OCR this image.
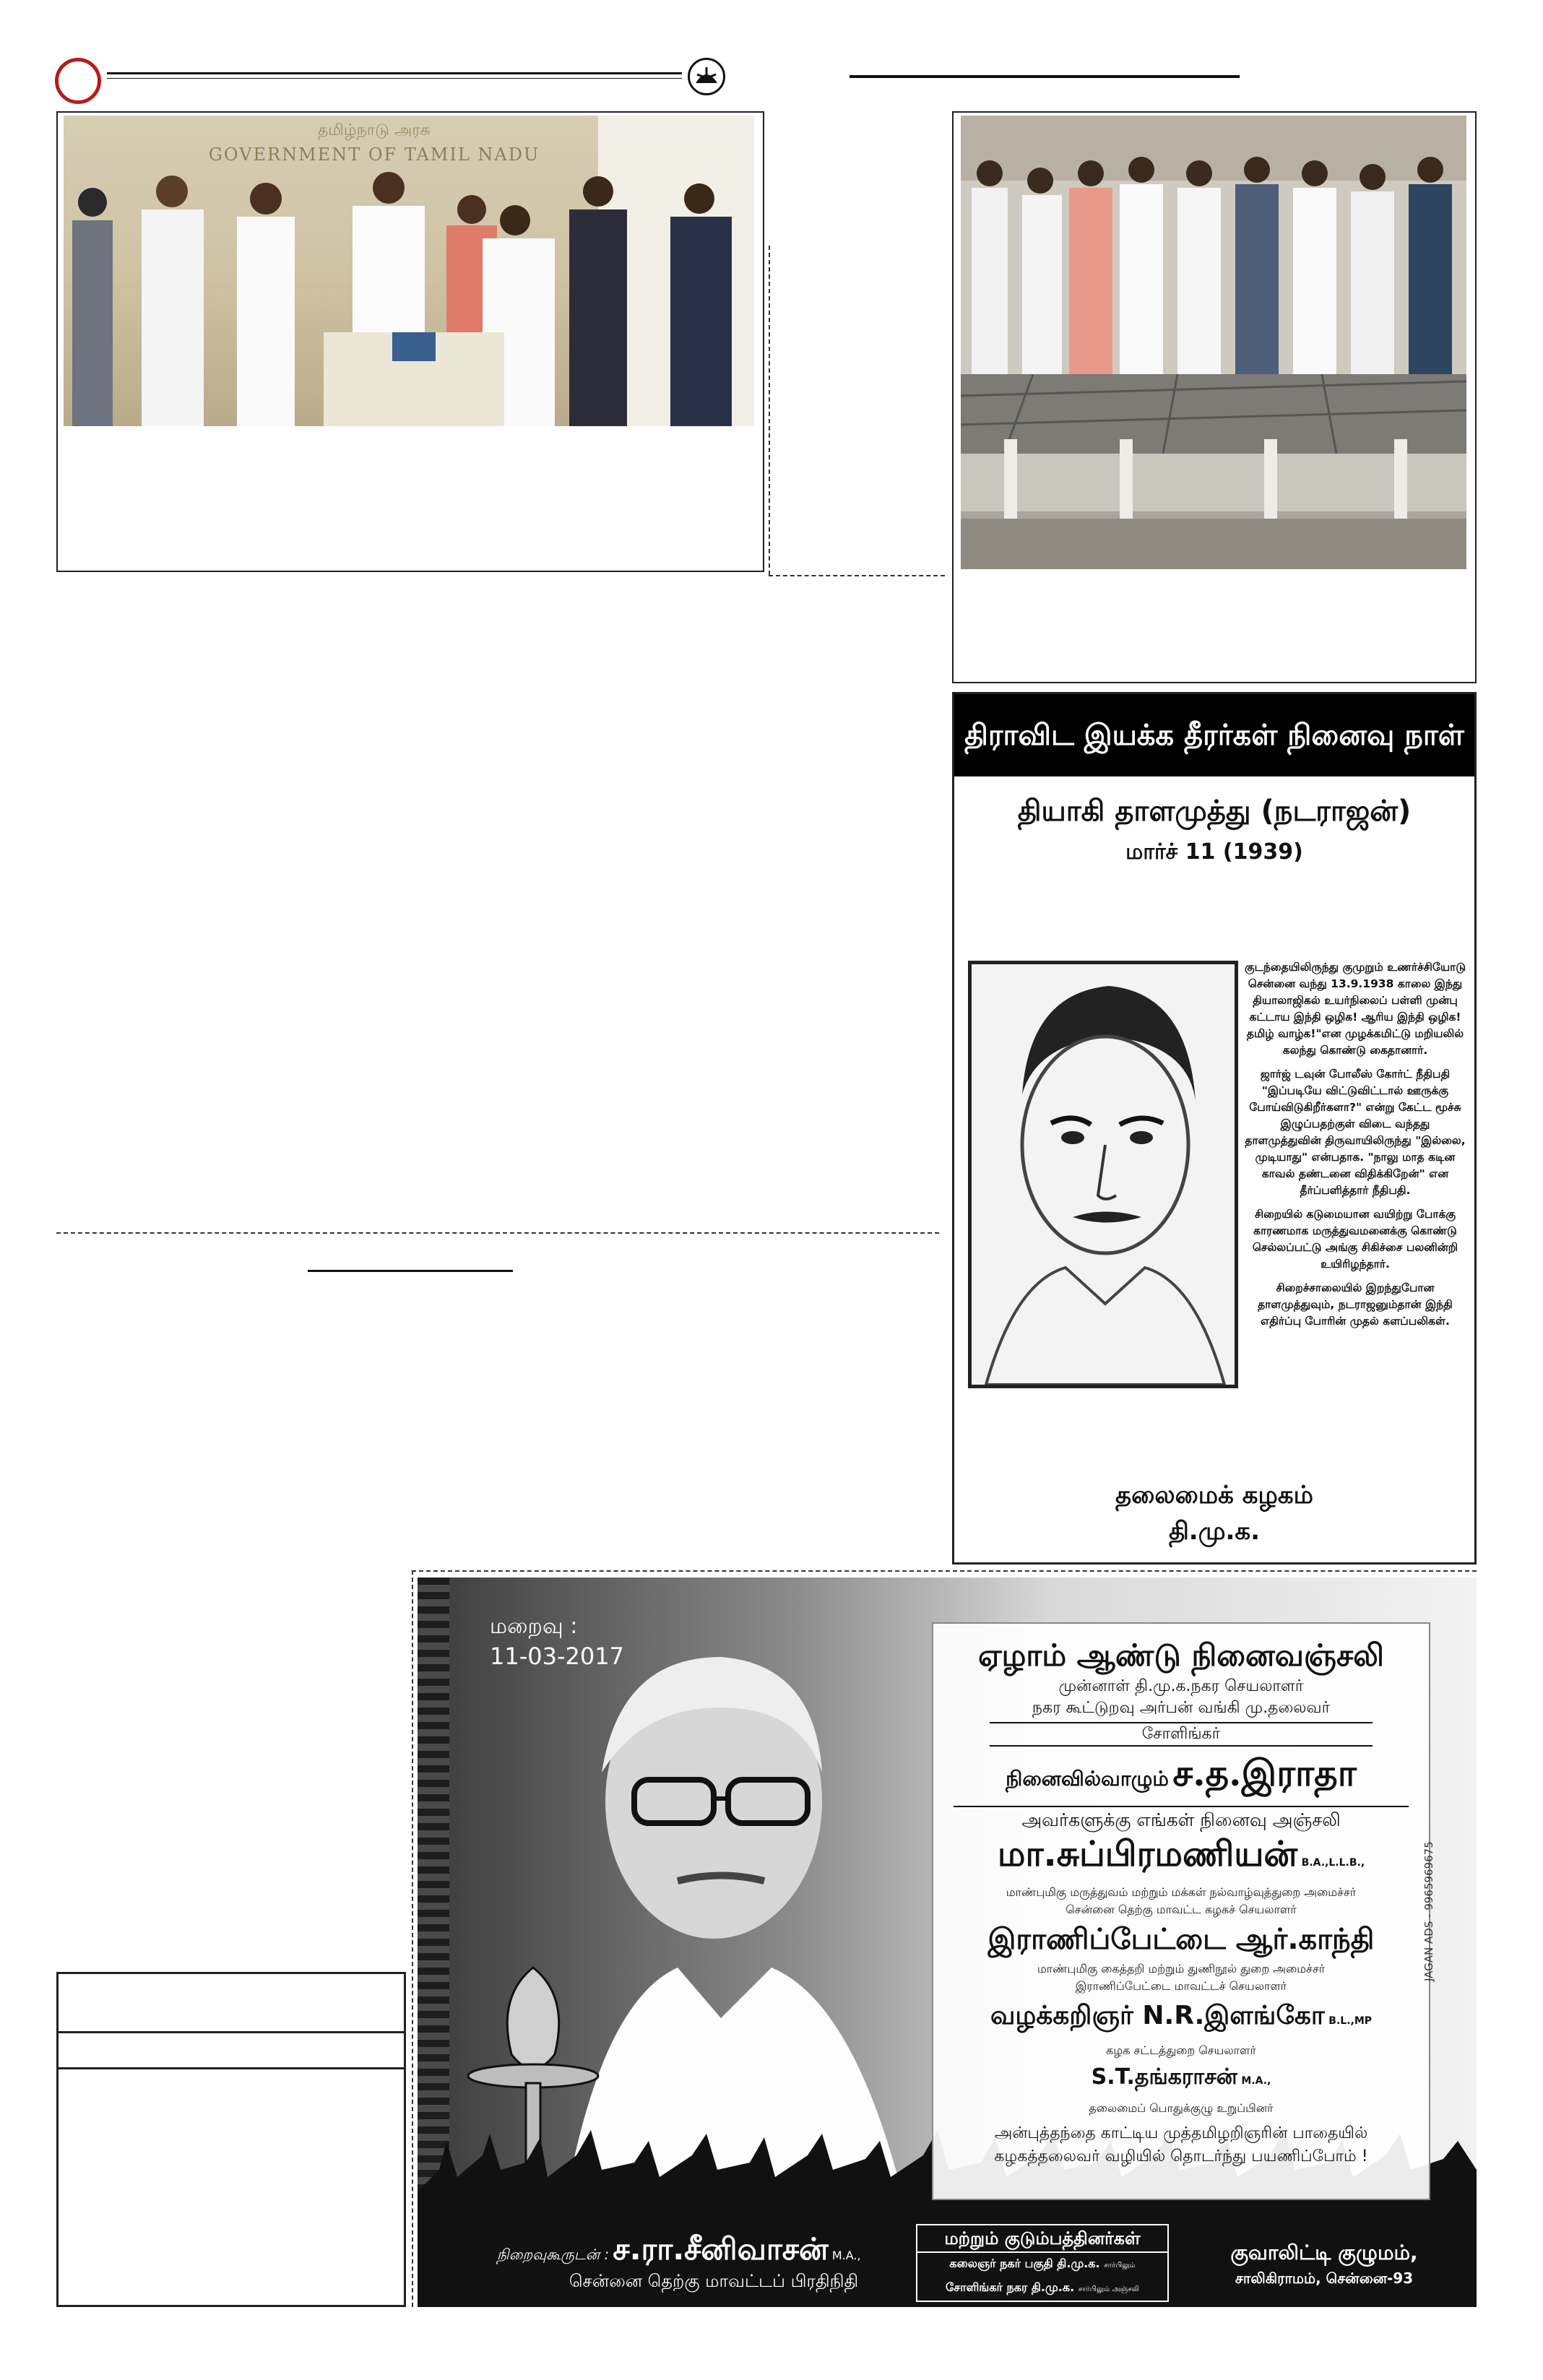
தமிழ்நாடு அரசு
GOVERNMENT OF TAMIL NADU
திராவிட இயக்க தீரர்கள் நினைவு நாள்
தியாகி தாளமுத்து (நடராஜன்)
மார்ச் 11 (1939)

குடந்தையிலிருந்து குமுறும் உணர்ச்சியோடு சென்னை வந்து 13.9.1938 காலை இந்து தியாலாஜிகல் உயர்நிலைப் பள்ளி முன்பு கட்டாய இந்தி ஒழிக! ஆரிய இந்தி ஒழிக! தமிழ் வாழ்க!"என முழக்கமிட்டு மறியலில் கலந்து கொண்டு கைதானார்.

ஜார்ஜ் டவுன் போலீஸ் கோர்ட் நீதிபதி "இப்படியே விட்டுவிட்டால் ஊருக்கு போய்விடுகிறீர்களா?" என்று கேட்ட மூச்சு இழுப்பதற்குள் விடை வந்தது தாளமுத்துவின் திருவாயிலிருந்து "இல்லை, முடியாது" என்பதாக. "நாலு மாத கடின காவல் தண்டனை விதிக்கிறேன்" என தீர்ப்பளித்தார் நீதிபதி.

சிறையில் கடுமையான வயிற்று போக்கு காரணமாக மருத்துவமனைக்கு கொண்டு செல்லப்பட்டு அங்கு சிகிச்சை பலனின்றி உயிரிழந்தார்.

சிறைச்சாலையில் இறந்துபோன தாளமுத்துவும், நடராஜனும்தான் இந்தி எதிர்ப்பு போரின் முதல் களப்பலிகள்.

தலைமைக் கழகம்
தி.மு.க.
மறைவு :
11-03-2017	ஏழாம் ஆண்டு நினைவஞ்சலி
முன்னாள் தி.மு.க.நகர செயலாளர்
நகர கூட்டுறவு அர்பன் வங்கி மு.தலைவர்
சோளிங்கர்
நினைவில்வாழும் ச.த.இராதா
அவர்களுக்கு எங்கள் நினைவு அஞ்சலி
மா.சுப்பிரமணியன் B.A.,L.L.B.,
மாண்புமிகு மருத்துவம் மற்றும் மக்கள் நல்வாழ்வுத்துறை அமைச்சர்
சென்னை தெற்கு மாவட்ட கழகச் செயலாளர்
இராணிப்பேட்டை ஆர்.காந்தி
மாண்புமிகு கைத்தறி மற்றும் துணிநூல் துறை அமைச்சர்
இராணிப்பேட்டை மாவட்டச் செயலாளர்
வழக்கறிஞர் N.R.இளங்கோ B.L.,MP
கழக சட்டத்துறை செயலாளர்
S.T.தங்கராசன் M.A.,
தலைமைப் பொதுக்குழு உறுப்பினர்
அன்புத்தந்தை காட்டிய முத்தமிழறிஞரின் பாதையில்
கழகத்தலைவர் வழியில் தொடர்ந்து பயணிப்போம் !
JAGAN ADS - 9965969675
நிறைவுகூருடன் : ச.ரா.சீனிவாசன் M.A.,
சென்னை தெற்கு மாவட்டப் பிரதிநிதி
மற்றும் குடும்பத்தினர்கள்
கலைஞர் நகர் பகுதி தி.மு.க. சார்பிலும்
சோளிங்கர் நகர தி.மு.க. சார்பிலும் அஞ்சலி
குவாலிட்டி குழுமம்,
சாலிகிராமம், சென்னை-93
